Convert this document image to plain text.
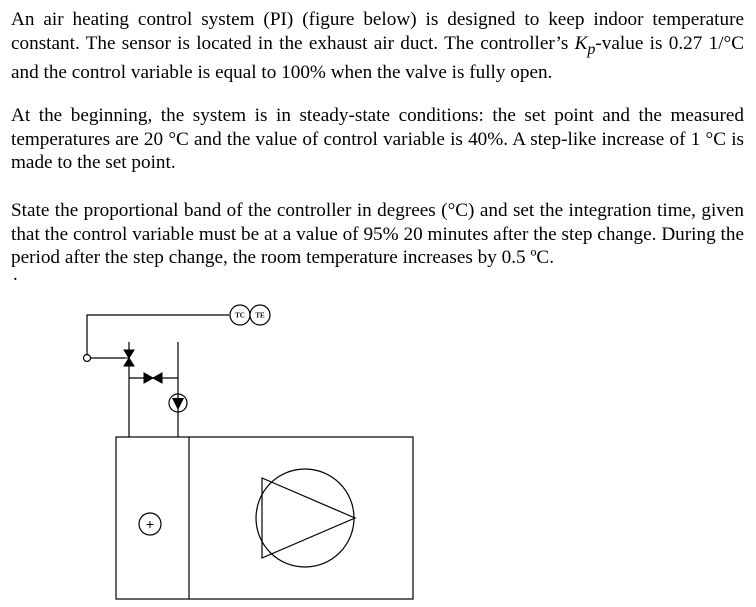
An air heating control system (PI) (figure below) is designed to keep indoor temperature constant. The sensor is located in the exhaust air duct. The controller’s $K_p$-value is 0.27 1/°C and the control variable is equal to 100% when the valve is fully open.

At the beginning, the system is in steady-state conditions: the set point and the measured temperatures are 20 °C and the value of control variable is 40%. A step-like increase of 1 °C is made to the set point.

State the proportional band of the controller in degrees (°C) and set the integration time, given that the control variable must be at a value of 95% 20 minutes after the step change. During the period after the step change, the room temperature increases by 0.5 ºC.

.
TC TE
+
